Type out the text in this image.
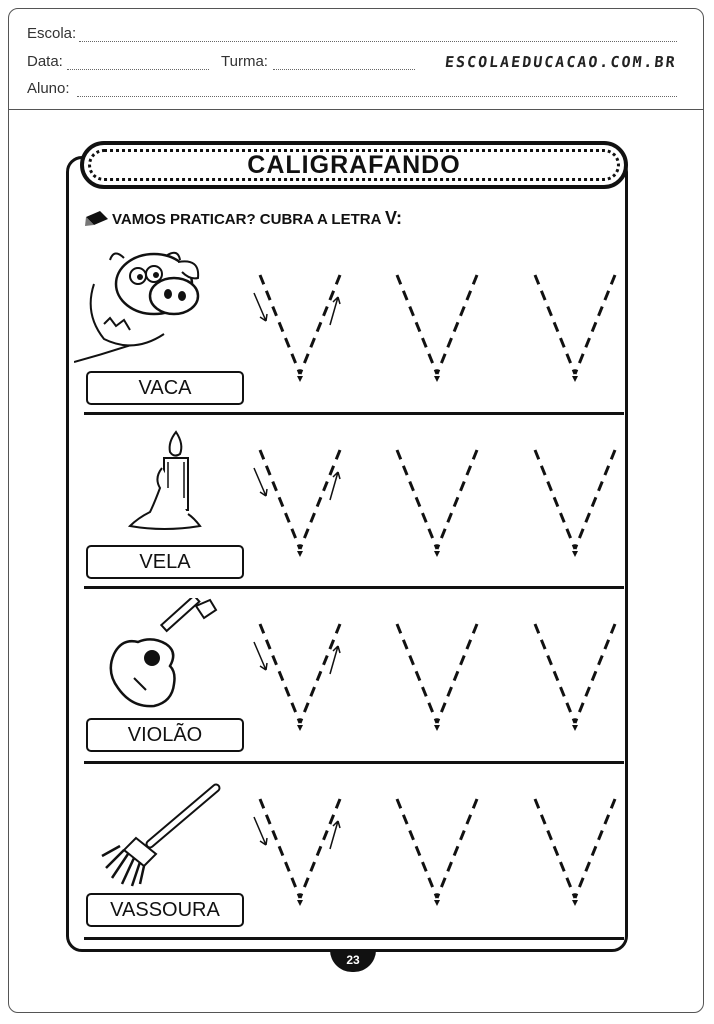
Escola:
Data:	Turma:	ESCOLAEDUCACAO.COM.BR
Aluno:
CALIGRAFANDO
VAMOS PRATICAR? CUBRA A LETRA V:
VACA
VELA
VIOLÃO
VASSOURA
23
